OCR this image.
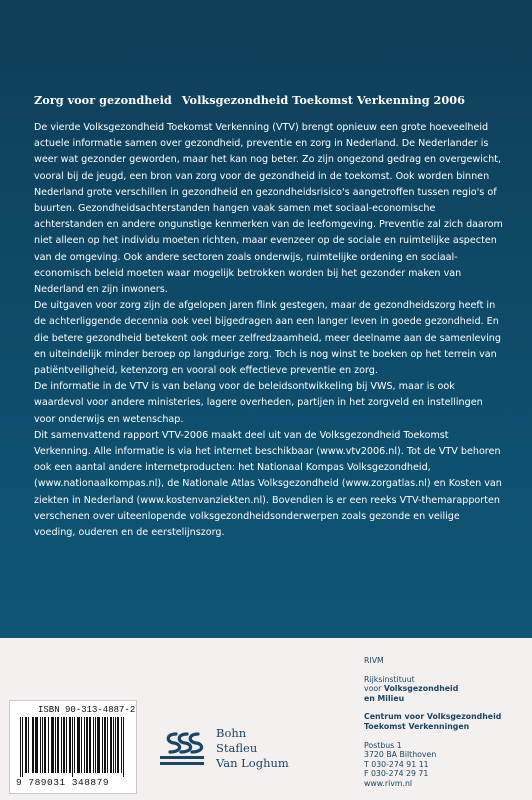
Zorg voor gezondheid Volksgezondheid Toekomst Verkenning 2006

De vierde Volksgezondheid Toekomst Verkenning (VTV) brengt opnieuw een grote hoeveelheid actuele informatie samen over gezondheid, preventie en zorg in Nederland. De Nederlander is weer wat gezonder geworden, maar het kan nog beter. Zo zijn ongezond gedrag en overgewicht, vooral bij de jeugd, een bron van zorg voor de gezondheid in de toekomst. Ook worden binnen Nederland grote verschillen in gezondheid en gezondheidsrisico's aangetroffen tussen regio's of buurten. Gezondheidsachterstanden hangen vaak samen met sociaal-economische achterstanden en andere ongunstige kenmerken van de leefomgeving. Preventie zal zich daarom niet alleen op het individu moeten richten, maar evenzeer op de sociale en ruimtelijke aspecten van de omgeving. Ook andere sectoren zoals onderwijs, ruimtelijke ordening en sociaal-economisch beleid moeten waar mogelijk betrokken worden bij het gezonder maken van Nederland en zijn inwoners.

De uitgaven voor zorg zijn de afgelopen jaren flink gestegen, maar de gezondheidszorg heeft in de achterliggende decennia ook veel bijgedragen aan een langer leven in goede gezondheid. En die betere gezondheid betekent ook meer zelfredzaamheid, meer deelname aan de samenleving en uiteindelijk minder beroep op langdurige zorg. Toch is nog winst te boeken op het terrein van patiëntveiligheid, ketenzorg en vooral ook effectieve preventie en zorg.

De informatie in de VTV is van belang voor de beleidsontwikkeling bij VWS, maar is ook waardevol voor andere ministeries, lagere overheden, partijen in het zorgveld en instellingen voor onderwijs en wetenschap.

Dit samenvattend rapport VTV-2006 maakt deel uit van de Volksgezondheid Toekomst Verkenning. Alle informatie is via het internet beschikbaar (www.vtv2006.nl). Tot de VTV behoren ook een aantal andere internetproducten: het Nationaal Kompas Volksgezondheid, (www.nationaalkompas.nl), de Nationale Atlas Volksgezondheid (www.zorgatlas.nl) en Kosten van ziekten in Nederland (www.kostenvanziekten.nl). Bovendien is er een reeks VTV-themarapporten verschenen over uiteenlopende volksgezondheidsonderwerpen zoals gezonde en veilige voeding, ouderen en de eerstelijnszorg.

ISBN 90-313-4887-2
9 789031 348879
Bohn
Stafleu
Van Loghum
RIVM
Rijksinstituut
voor Volksgezondheid
en Milieu
Centrum voor Volksgezondheid
Toekomst Verkenningen
Postbus 1
3720 BA Bilthoven
T 030-274 91 11
F 030-274 29 71
www.rivm.nl
